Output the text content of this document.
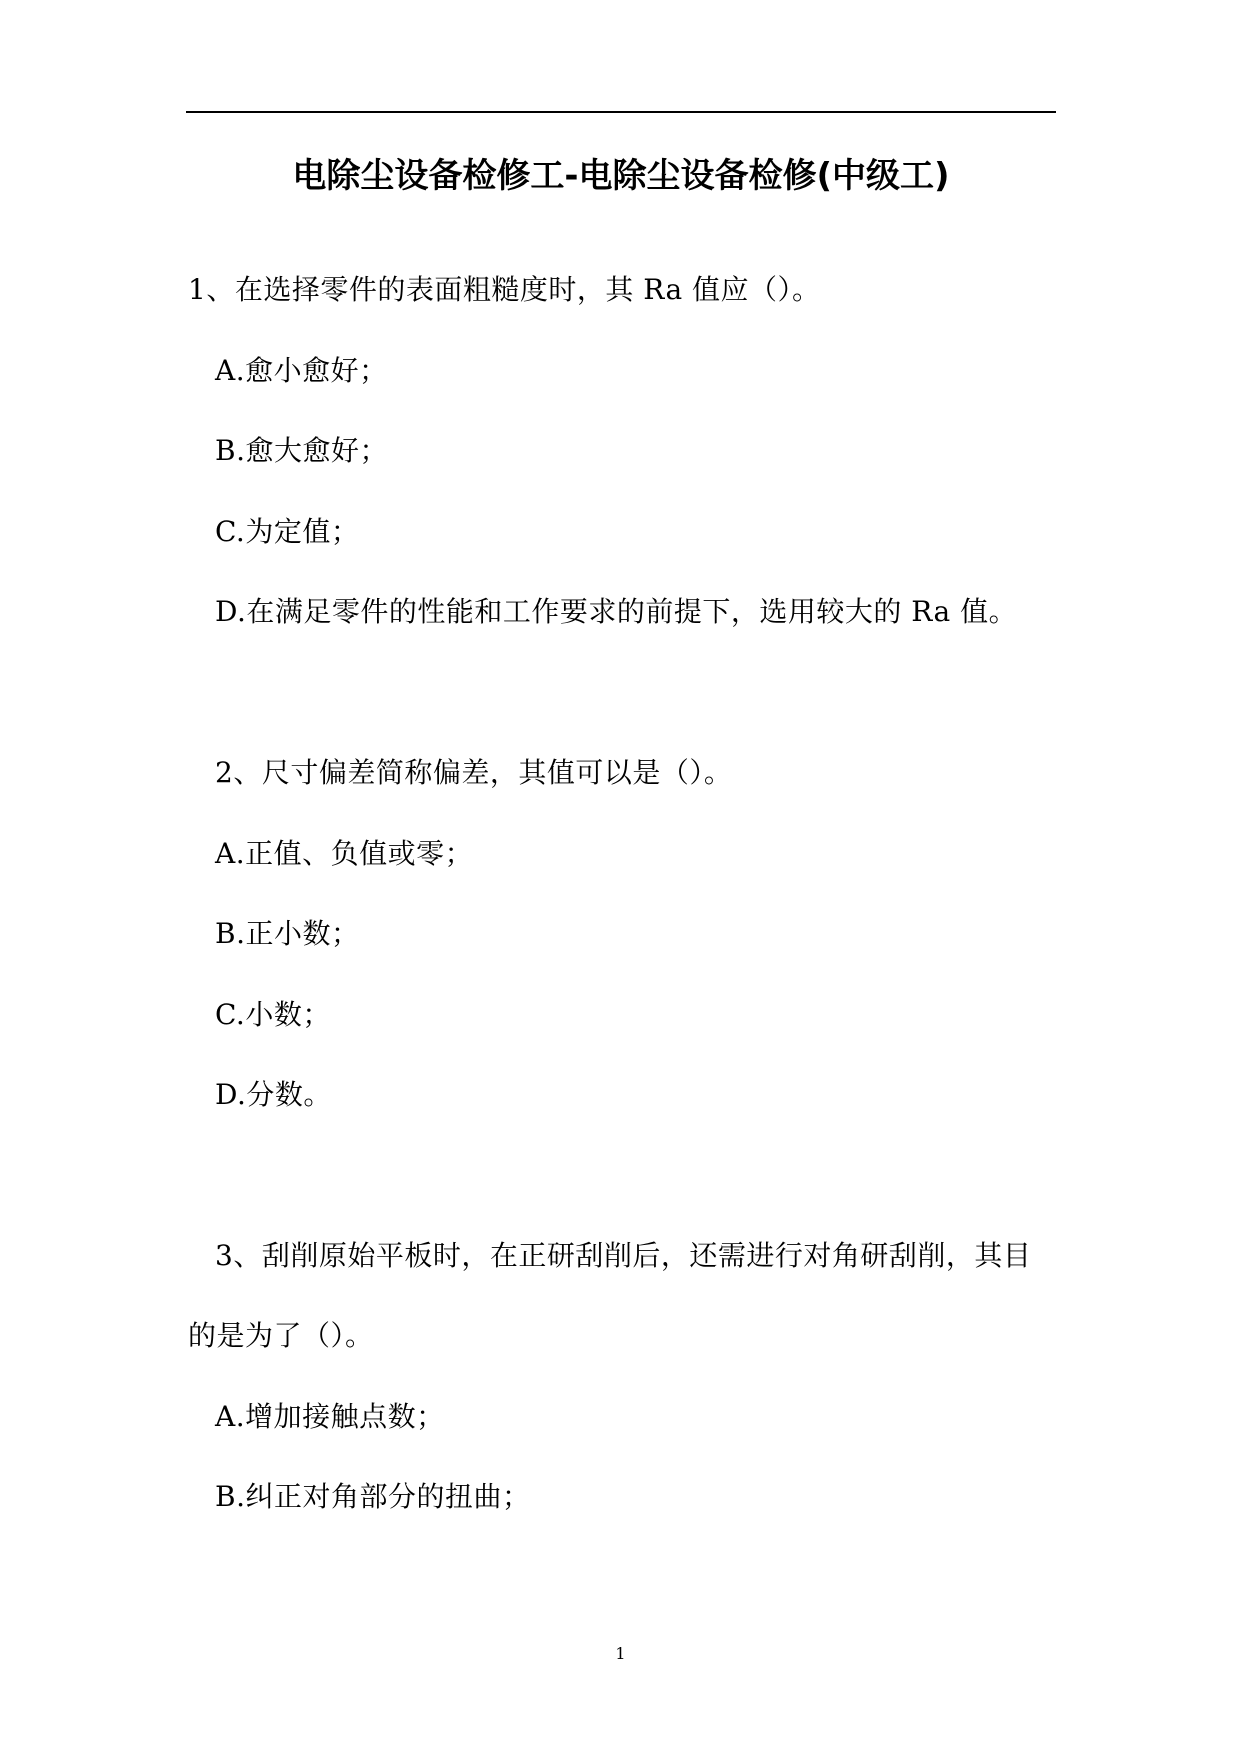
电除尘设备检修工-电除尘设备检修(中级工)
1、在选择零件的表面粗糙度时，其 Ra 值应（）。
A.愈小愈好；
B.愈大愈好；
C.为定值；
D.在满足零件的性能和工作要求的前提下，选用较大的 Ra 值。
2、尺寸偏差简称偏差，其值可以是（）。
A.正值、负值或零；
B.正小数；
C.小数；
D.分数。
3、刮削原始平板时，在正研刮削后，还需进行对角研刮削，其目
的是为了（）。
A.增加接触点数；
B.纠正对角部分的扭曲；
1
